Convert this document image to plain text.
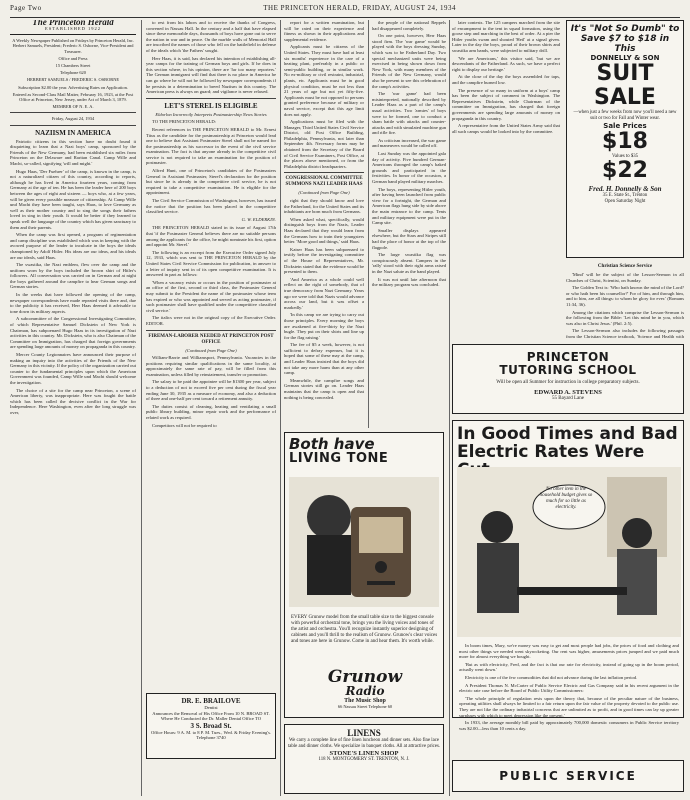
Page Two	THE PRINCETON HERALD, FRIDAY, AUGUST 24, 1934

The Princeton Herald
ESTABLISHED 1922
A Weekly Newspaper Published on Fridays by Princeton Herald, Inc. Herbert Samuels, President; Frederic S. Osborne, Vice-President and Treasurer.
Office and Press
15 Chambers Street
Telephone 620
HERBERT SAMUELS / FREDERIC S. OSBORNE
Subscription $2.00 the year. Advertising Rates on Application.
Entered as Second-Class Mail Matter, February 16, 1923, at the Post Office at Princeton, New Jersey, under Act of March 3, 1879.
MEMBER OF N. E. A.
Friday, August 24, 1934
NAZIISM IN AMERICA

Patriotic citizens in this section have no doubt found it disquieting to learn that a Nazi boys' camp, sponsored by the Friends of the New Germany, had been established six miles from Princeton on the Delaware and Raritan Canal. Camp Wille and Macht, so-called, signifying 'will and might.'

Hugo Haas, 'Der Fuehrer' of the camp, is known in the camp, is not a naturalized citizen of this country, according to reports, although he has lived in America fourteen years, coming from Germany at the age of ten. He has been the leader here of 200 boys between the ages of eight and sixteen — boys who, at a few years, will be given every possible measure of citizenship. At Camp Wille und Macht they have been taught, says Haas, to love Germany as well as their mother country and to sing the songs their fathers loved in sing in their youth. It would be better if they learned to speak well the language of the country which has given sanctuary to them and their parents.

When the camp was first opened, a program of regimentation and camp discipline was established which was in keeping with the avowed purpose of the leader to inculcate in the boys the ideals championed by Adolf Hitler. His ideas are our ideas, and his ideals are our ideals, said Haas.

The swastika, the Nazi emblem, flew over the camp and the uniform worn by the boys included the brown shirt of Hitler's followers. All conversation was carried on in German and at night the boys gathered around the campfire to hear German songs and German stories.

In the weeks that have followed the opening of the camp, newspaper correspondents have made repeated visits there and, due to the publicity it has received, Herr Haas deemed it advisable to tone down its military aspects.

A subcommittee of the Congressional Investigating Committee, of which Representative Samuel Dickstein of New York is Chairman, has subpoenaed Hugo Haas in its investigation of Nazi activities in this country. Mr. Dickstein, who is also Chairman of the Committee on Immigration, has charged that foreign governments are spending large amounts of money on propaganda in this country.

Mercer County Legionnaires have announced their purpose of making an inquiry into the activities of the Friends of the New Germany in this vicinity. If the policy of the organization carried out counter to the fundamental principles upon which the American Government was founded, Camp Wille und Macht should welcome the investigation.

The choice of a site for the camp near Princeton, a scene of American liberty, was inappropriate. Here was fought the battle which has been called the decisive conflict in the War for Independence. Here Washington, even after the long struggle was over,

to rest from his labors and to receive the thanks of Congress, convened in Nassau Hall. In the century and a half that have elapsed since these memorable days, thousands of boys have gone out to serve the nation in war and in peace. On the marble walls of Memorial Hall are inscribed the names of those who fell on the battlefield in defense of the ideals which 'the Fathers' sought.

Herr Haas, it is said, has declared his intention of establishing all-year camps for the training of German boys and girls. If he does in this section where, in his opinion, there are 'far too many reporters.' The German immigrant will find that there is no place in America he can go where he will not be followed by newspaper correspondents if he persists in a determination to breed Naziism in this country. The American press is always on guard; and vigilance is never relaxed.

LET'S STEREL IS ELIGIBLE
Eldorlon Incorrectly Interprets Postmastership News Stories

TO THE PRINCETON HERALD:

Recent references in THE PRINCETON HERALD to Mr. Ernest Titus as the candidate for the postmastership at Princeton would lead one to believe that Assistant Postmaster Sterel shall not be named for the postmastership as his successor in the event of the civil service examination. The fact is that anyone already in the competitive civil service is not required to take an examination for the position of postmaster.

Alfred Hunt, one of Princeton's candidates of the Postmasters General in Assistant Postmaster, Sterel's declaration for the position but since he is already in the competitive civil service, he is not required to take a competitive examination. He is eligible for the appointment.

The Civil Service Commission of Washington, however, has issued the notice that the position has been placed in the competitive classified service.

G. W. ELDERKIN.

THE PRINCETON HERALD stated in its issue of August 17th that 'if the Postmaster General believes there are no suitable persons among the applicants for the office, he might nominate his first, option and appoint Mr. Sterel.'

The following is an excerpt from the Executive Order signed July 12, 1933, which was sent to THE PRINCETON HERALD by the United States Civil Service Commission for publication, in answer to a letter of inquiry sent in of its open competitive examination. It is answered in part as follows:

'When a vacancy exists or occurs in the position of postmaster at an office of the first, second or third class, the Postmaster General may submit to the President the name of the postmaster whose term has expired or who was appointed and served as acting postmaster, if such postmaster shall have qualified under the competitive classified civil service.'

The italics were not in the original copy of the Executive Order. EDITOR.

FIREMAN-LABORER NEEDED AT PRINCETON POST OFFICE
(Continued from Page One)

William-Barrie and Williamsport, Pennsylvania. Vacancies in the positions requiring similar qualifications in the same locality, at approximately the same rate of pay, will be filled from this examination, unless filled by reinstatement, transfer or promotion.

The salary to be paid the appointee will be $1300 per year, subject to a deduction of not to exceed five per cent during the fiscal year ending June 30, 1935 as a measure of economy, and also a deduction of three and one-half per cent toward a retirement annuity.

The duties consist of cleaning, heating and ventilating a small public library building, minor repair work and the performance of related work as required.

Competitors will not be required to

DR. E. BRAILOVE
Dentist
Announces the Removal of His Office From 10 N. BROAD ST. Where He Conducted the Dr. Maller Dental Office TO
3 S. Broad St.
Office Hours: 9 A. M. to 8 P. M. Tues., Wed. & Friday Evening's. Telephone 3740

report for a written examination, but will be rated on their experience and fitness as shown in their applications and supplemental evidence.

Applicants must be citizens of the United States. They must have had at least six months' experience in the care of a heating plant, preferably in a public or semi-public building, or in similar work. No ex-military or civil restraint, industrial, plants, etc. Applicants must be in good physical condition, must be not less than 21 years of age but not yet fifty-five. Applicants must be not opposed to persons granted preference because of military or naval service, except that this age limit does not apply.

Applications must be filed with the Manager, Third United States Civil Service District, old Post Office Building, Philadelphia, Pennsylvania, not later than September 4th. Necessary forms may be obtained from the Secretary of the Board of Civil Service Examiners, Post Office, at the places above mentioned, or from the Philadelphia district headquarters.

CONGRESSIONAL COMMITTEE SUMMONS NAZI LEADER HAAS
(Continued from Page One)

right that they should know and love the Fatherland, for the United States and its inhabitants are born much from Germans.

When asked what, specifically, would distinguish boys from the Nazis, Leader Haas declared that they would learn from the Germans how to train their youngsters better. 'More good and things,' said Haas.

Kaiser Haas has been subpoenaed to testify before the investigating committee of the House of Representatives, Mr. Dickstein stated that the evidence would be presented to them.

'And America as a whole could well reflect on the right of somebody, that of true democracy from Nazi Germany. Years ago we were told that Nazis would advance across our land, but it was offset a markedly.'

'In this camp we are trying to carry out those principles. Every morning the boys are awakened at five-thirty by the Nazi bugle. They put on their shirts and line up for the flag raising.'

The fee of $5 a week, however, is not sufficient to defray expenses, but it is hoped that some of these may at the camp, and Leader Haas insisted that the boys did not take any more harm than at any other camp.

Meanwhile, the campfire songs and German stories still go on. Leader Haas maintains that the camp is open and that nothing is being concealed.

the people of the national Reppels had disappeared completely.

On one point, however, Herr Haas stood firm. The 'war game' would be played with the boys dressing Sunday, which was to be Fatherland Day. Two special mechanized units were being exercised in being shown down from New York, with many members of the Friends of the New Germany, would also be present to see this celebration of the camp's activities.

The 'war game' had been misinterpreted, nationally described by Leader Haas as a part of the camp's usual activities. Two 'armies' of boys were to be formed, one to conduct a sham battle with attacks and counter-attacks and with simulated machine gun and rifle fire.

As criticism increased, the war game and maneuvers would be called off.

Last Sunday was the appointed gala day of activity. Five hundred German-Americans thronged the camp's baked grounds and participated in the festivities. In honor of the occasion, a German band played military marches.

The boys, representing Hitler youth, after having been launched from public view for a fortnight, the German and American flags hung side by side above the main entrance to the camp. Tents and military equipment were put in the Camp site.

Smaller displays appeared elsewhere, but the Stars and Stripes still had the place of honor at the top of the flagpole.

The large swastika flag was conspicuously absent. Campers in the 'rally' stood with their right arms raised in the Nazi salute as the band played.

It was not until late afternoon that the military program was concluded.

later contests. The 125 campers marched from the site of encampment to the tent in squad formation, using the goose step and marching in the best of order. At a pier the Hitler youths swam and shouted 'Heil' at a signal given. Later in the day the boys, proud of their brown shirts and swastika arm bands, were subjected to military drill.

'We are Americans,' this visitor said, 'but we are descendants of the Fatherland. As such, we have a perfect right to display our heritage.'

At the close of the day the boys assembled for taps, and the campfire burned low.

The presence of so many in uniform at a boys' camp has been the subject of comment in Washington. The Representatives Dickstein, while Chairman of the committee on Immigration, has charged that foreign governments are spending large amounts of money on propaganda in this country.

A representative from the United States Army said that all such camps would be looked into by the committee.

It's "Not So Dumb" to Save $7 to $18 in This
DONNELLY & SON
SUIT SALE
—when just a few weeks from now you'll need a new suit or two for Fall and Winter wear.
Sale Prices
$18
Values to $35
$22
Fred. H. Donnelly & Son
35 E. State St., Trenton
Open Saturday Night
Christian Science Service

'Mind' will be the subject of the Lesson-Sermon in all Churches of Christ, Scientist, on Sunday.

The Golden Text is: 'Who hath known the mind of the Lord? or who hath been his counsellor?' For of him, and through him, and to him, are all things: to whom be glory for ever.' (Romans 11:34, 36).

Among the citations which comprise the Lesson-Sermon is the following from the Bible: 'Let this mind be in you, which was also in Christ Jesus.' (Phil. 2:5).

The Lesson-Sermon also includes the following passages from the Christian Science textbook, 'Science and Health with

PRINCETON
TUTORING SCHOOL
Will be open all Summer for instruction in college preparatory subjects.
EDWARD A. STEVENS
55 Bayard Lane
Both have
LIVING TONE
EVERY Grunow model from the small table size to the biggest console with powerful orchestral tone, brings you the living voices and tones of the artist and orchestra. You'll recognize instantly superior designing of cabinets and you'll thrill to the realism of Grunow. Grunow's clear voices and tones are here in Grunow. Come in and hear them. It's worth while.
Grunow
Radio
The Music Shop
66 Nassau Street Telephone 60
In Good Times and Bad Electric Rates Were
No other item in the household budget gives so much for so little as electricity.

In boom times, Mary, we're money was easy to get and most people had jobs, the prices of food and clothing and most other things we needed went skyrocketing. Our rent was higher, amusements prices jumped and we paid much more for almost everything we bought.

'But as with electricity, Fred, and the fact is that our rate for electricity, instead of going up in the boom period, actually went down.'

Electricity is one of the few commodities that did not advance during the last inflation period.

A President Thomas N. McCarter of Public Service Electric and Gas Company said in his recent argument in the electric rate case before the Board of Public Utility Commissioners:

'The whole principle of regulation rests upon the theory that, because of the peculiar nature of the business, operating utilities shall always be limited to a fair return upon the fair value of the property devoted to the public use. They are not like the ordinary industrial concerns that are unlimited as to profit, and in good times can lay up greater surpluses with which to meet depression like the present.'

In 1933, the average monthly bill paid by approximately 700,000 domestic consumers in Public Service territory was $2.00—less than 10 cents a day.

PUBLIC SERVICE
LINENS
We carry a complete line of fine linen luncheon and dinner sets. Also fine lace table and dinner cloths. We specialize in banquet cloths. All at attractive prices.
STONE'S LINEN SHOP
118 N. MONTGOMERY ST. TRENTON, N. J.
